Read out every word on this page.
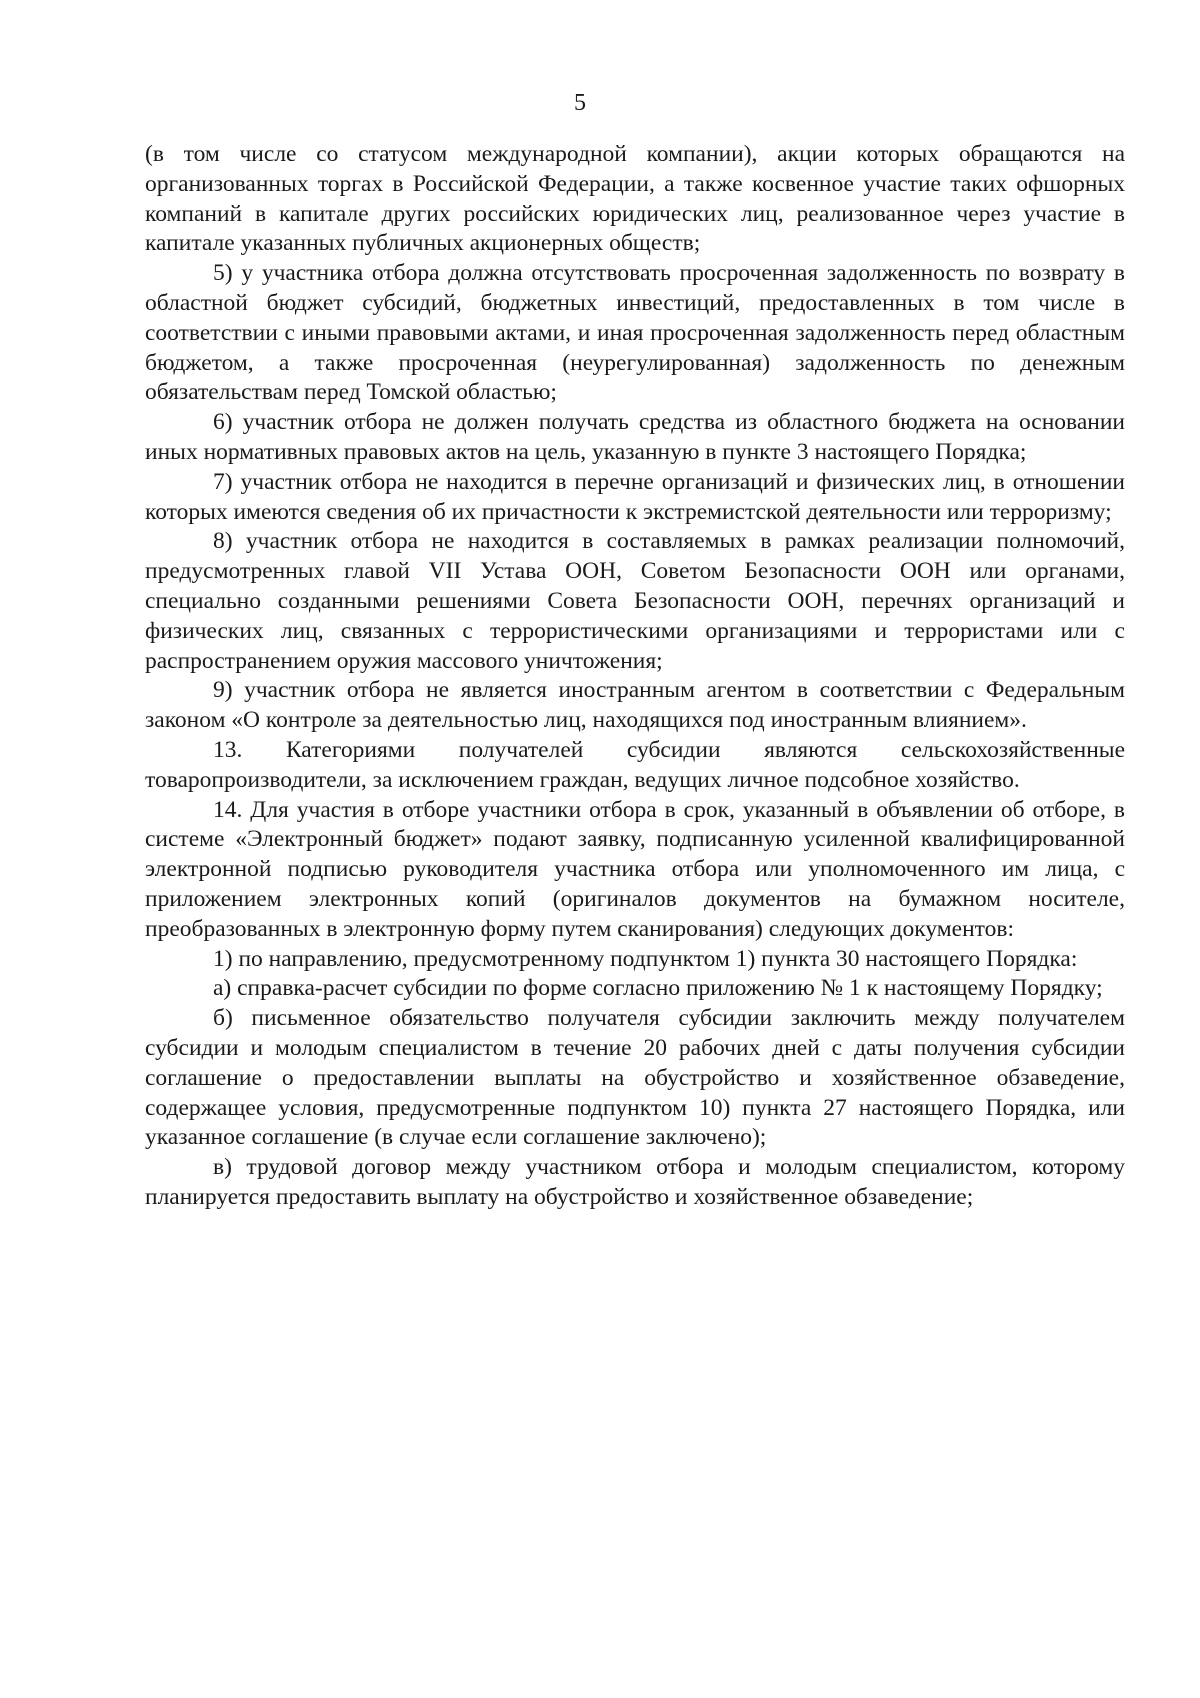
5

(в том числе со статусом международной компании), акции которых обращаются на организованных торгах в Российской Федерации, а также косвенное участие таких офшорных компаний в капитале других российских юридических лиц, реализованное через участие в капитале указанных публичных акционерных обществ;

5) у участника отбора должна отсутствовать просроченная задолженность по возврату в областной бюджет субсидий, бюджетных инвестиций, предоставленных в том числе в соответствии с иными правовыми актами, и иная просроченная задолженность перед областным бюджетом, а также просроченная (неурегулированная) задолженность по денежным обязательствам перед Томской областью;

6) участник отбора не должен получать средства из областного бюджета на основании иных нормативных правовых актов на цель, указанную в пункте 3 настоящего Порядка;

7) участник отбора не находится в перечне организаций и физических лиц, в отношении которых имеются сведения об их причастности к экстремистской деятельности или терроризму;

8) участник отбора не находится в составляемых в рамках реализации полномочий, предусмотренных главой VII Устава ООН, Советом Безопасности ООН или органами, специально созданными решениями Совета Безопасности ООН, перечнях организаций и физических лиц, связанных с террористическими организациями и террористами или с распространением оружия массового уничтожения;

9) участник отбора не является иностранным агентом в соответствии с Федеральным законом «О контроле за деятельностью лиц, находящихся под иностранным влиянием».

13. Категориями получателей субсидии являются сельскохозяйственные товаропроизводители, за исключением граждан, ведущих личное подсобное хозяйство.

14. Для участия в отборе участники отбора в срок, указанный в объявлении об отборе, в системе «Электронный бюджет» подают заявку, подписанную усиленной квалифицированной электронной подписью руководителя участника отбора или уполномоченного им лица, с приложением электронных копий (оригиналов документов на бумажном носителе, преобразованных в электронную форму путем сканирования) следующих документов:

1) по направлению, предусмотренному подпунктом 1) пункта 30 настоящего Порядка:

а) справка-расчет субсидии по форме согласно приложению № 1 к настоящему Порядку;

б) письменное обязательство получателя субсидии заключить между получателем субсидии и молодым специалистом в течение 20 рабочих дней с даты получения субсидии соглашение о предоставлении выплаты на обустройство и хозяйственное обзаведение, содержащее условия, предусмотренные подпунктом 10) пункта 27 настоящего Порядка, или указанное соглашение (в случае если соглашение заключено);

в) трудовой договор между участником отбора и молодым специалистом, которому планируется предоставить выплату на обустройство и хозяйственное обзаведение;
